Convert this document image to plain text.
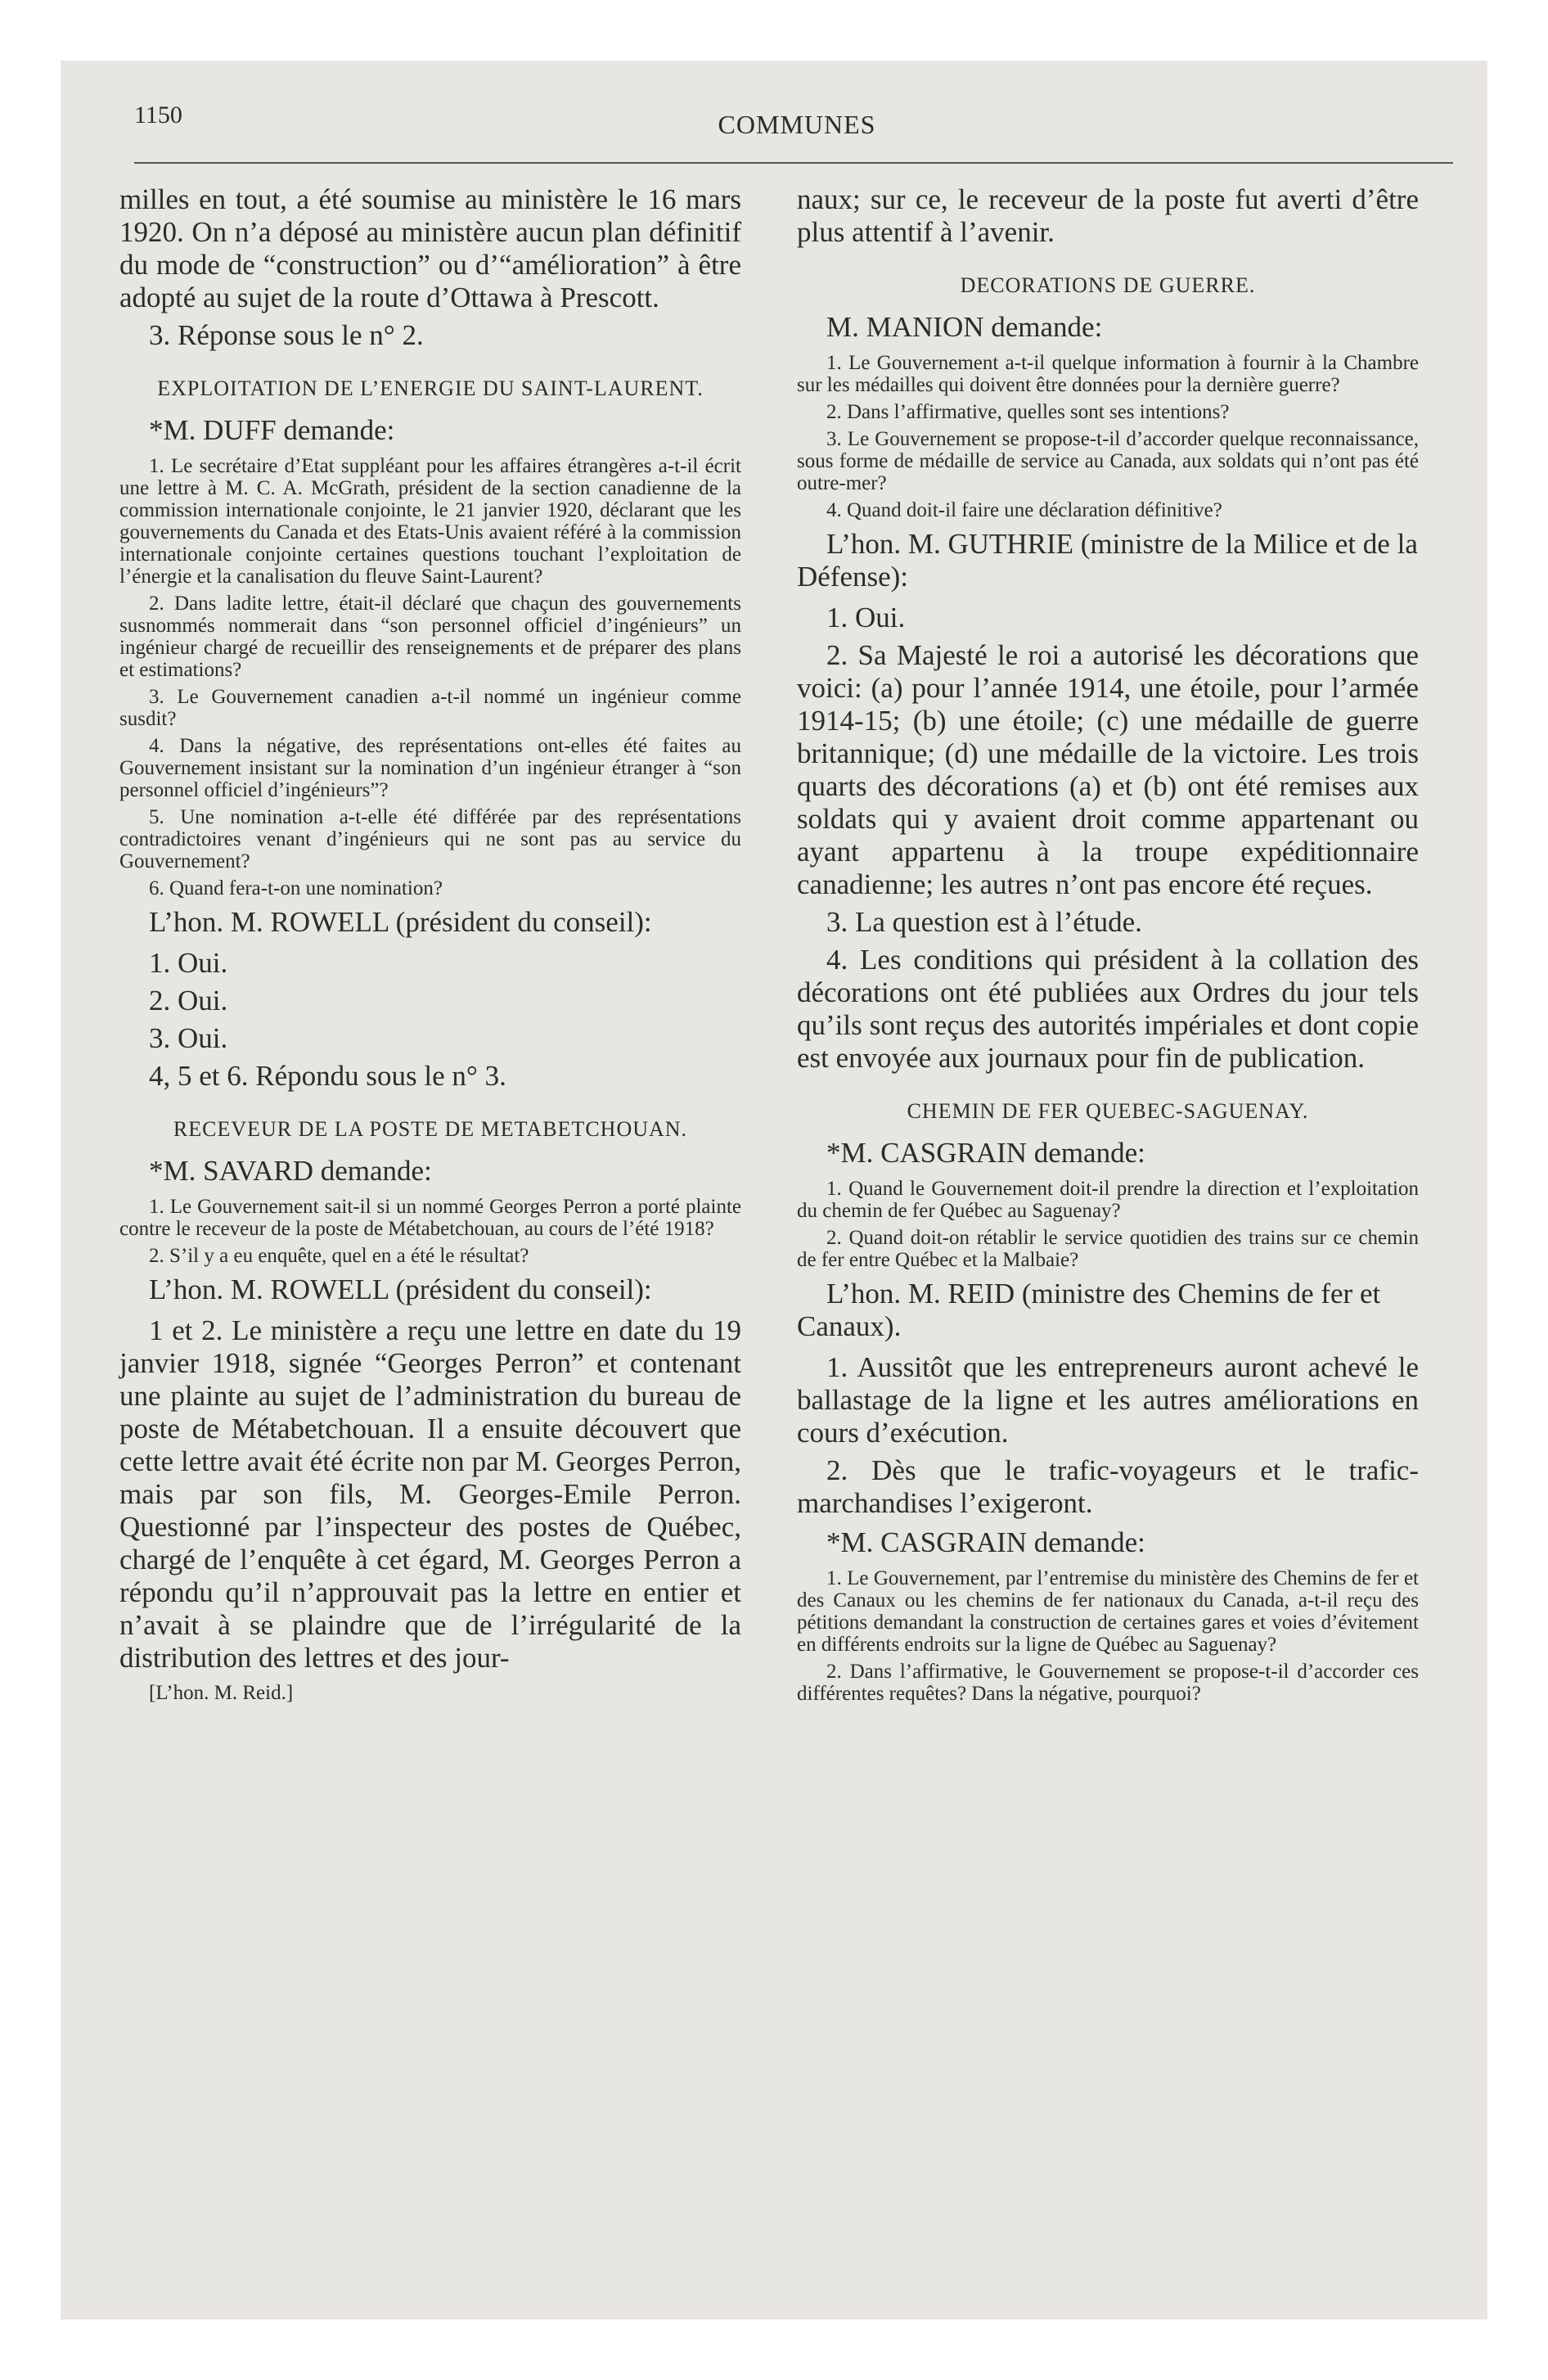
1150	COMMUNES

milles en tout, a été soumise au ministère le 16 mars 1920. On n’a déposé au ministère aucun plan définitif du mode de “construction” ou d’“amélioration” à être adopté au sujet de la route d’Ottawa à Prescott.

3. Réponse sous le n° 2.

EXPLOITATION DE L’ENERGIE DU SAINT-LAURENT.

*M. DUFF demande:

1. Le secrétaire d’Etat suppléant pour les affaires étrangères a-t-il écrit une lettre à M. C. A. McGrath, président de la section canadienne de la commission internationale conjointe, le 21 janvier 1920, déclarant que les gouvernements du Canada et des Etats-Unis avaient référé à la commission internationale conjointe certaines questions touchant l’exploitation de l’énergie et la canalisation du fleuve Saint-Laurent?

2. Dans ladite lettre, était-il déclaré que chaçun des gouvernements susnommés nommerait dans “son personnel officiel d’ingénieurs” un ingénieur chargé de recueillir des renseignements et de préparer des plans et estimations?

3. Le Gouvernement canadien a-t-il nommé un ingénieur comme susdit?

4. Dans la négative, des représentations ont-elles été faites au Gouvernement insistant sur la nomination d’un ingénieur étranger à “son personnel officiel d’ingénieurs”?

5. Une nomination a-t-elle été différée par des représentations contradictoires venant d’ingénieurs qui ne sont pas au service du Gouvernement?

6. Quand fera-t-on une nomination?

L’hon. M. ROWELL (président du conseil):

1. Oui.

2. Oui.

3. Oui.

4, 5 et 6. Répondu sous le n° 3.

RECEVEUR DE LA POSTE DE METABETCHOUAN.

*M. SAVARD demande:

1. Le Gouvernement sait-il si un nommé Georges Perron a porté plainte contre le receveur de la poste de Métabetchouan, au cours de l’été 1918?

2. S’il y a eu enquête, quel en a été le résultat?

L’hon. M. ROWELL (président du conseil):

1 et 2. Le ministère a reçu une lettre en date du 19 janvier 1918, signée “Georges Perron” et contenant une plainte au sujet de l’administration du bureau de poste de Métabetchouan. Il a ensuite découvert que cette lettre avait été écrite non par M. Georges Perron, mais par son fils, M. Georges-Emile Perron. Questionné par l’inspecteur des postes de Québec, chargé de l’enquête à cet égard, M. Georges Perron a répondu qu’il n’approuvait pas la lettre en entier et n’avait à se plaindre que de l’irrégularité de la distribution des lettres et des jour-

[L’hon. M. Reid.]

naux; sur ce, le receveur de la poste fut averti d’être plus attentif à l’avenir.

DECORATIONS DE GUERRE.

M. MANION demande:

1. Le Gouvernement a-t-il quelque information à fournir à la Chambre sur les médailles qui doivent être données pour la dernière guerre?

2. Dans l’affirmative, quelles sont ses intentions?

3. Le Gouvernement se propose-t-il d’accorder quelque reconnaissance, sous forme de médaille de service au Canada, aux soldats qui n’ont pas été outre-mer?

4. Quand doit-il faire une déclaration définitive?

L’hon. M. GUTHRIE (ministre de la Milice et de la Défense):

1. Oui.

2. Sa Majesté le roi a autorisé les décorations que voici: (a) pour l’année 1914, une étoile, pour l’armée 1914-15; (b) une étoile; (c) une médaille de guerre britannique; (d) une médaille de la victoire. Les trois quarts des décorations (a) et (b) ont été remises aux soldats qui y avaient droit comme appartenant ou ayant appartenu à la troupe expéditionnaire canadienne; les autres n’ont pas encore été reçues.

3. La question est à l’étude.

4. Les conditions qui président à la collation des décorations ont été publiées aux Ordres du jour tels qu’ils sont reçus des autorités impériales et dont copie est envoyée aux journaux pour fin de publication.

CHEMIN DE FER QUEBEC-SAGUENAY.

*M. CASGRAIN demande:

1. Quand le Gouvernement doit-il prendre la direction et l’exploitation du chemin de fer Québec au Saguenay?

2. Quand doit-on rétablir le service quotidien des trains sur ce chemin de fer entre Québec et la Malbaie?

L’hon. M. REID (ministre des Chemins de fer et Canaux).

1. Aussitôt que les entrepreneurs auront achevé le ballastage de la ligne et les autres améliorations en cours d’exécution.

2. Dès que le trafic-voyageurs et le trafic-marchandises l’exigeront.

*M. CASGRAIN demande:

1. Le Gouvernement, par l’entremise du ministère des Chemins de fer et des Canaux ou les chemins de fer nationaux du Canada, a-t-il reçu des pétitions demandant la construction de certaines gares et voies d’évitement en différents endroits sur la ligne de Québec au Saguenay?

2. Dans l’affirmative, le Gouvernement se propose-t-il d’accorder ces différentes requêtes? Dans la négative, pourquoi?
